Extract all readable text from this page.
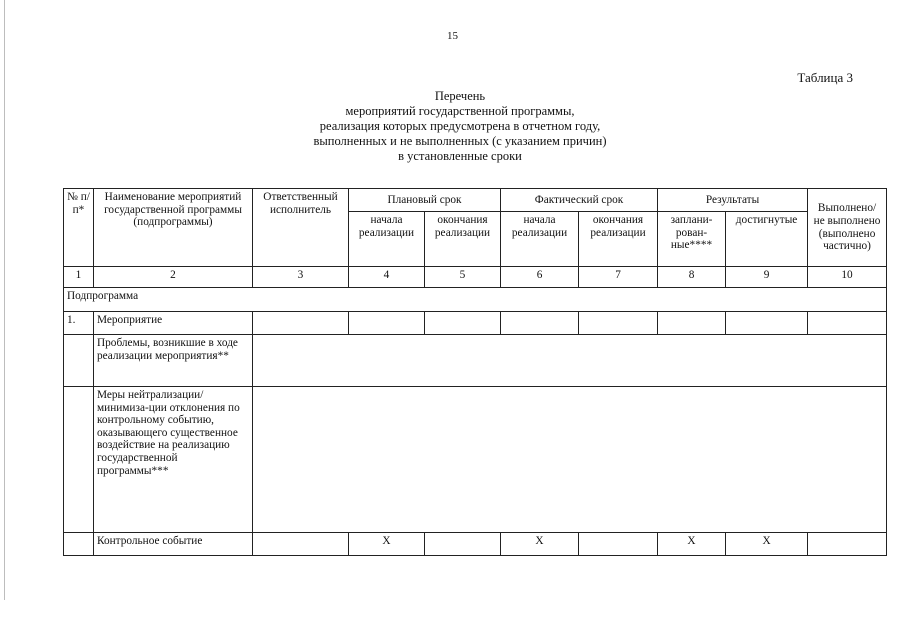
15
Таблица 3
Перечень
мероприятий государственной программы,
реализация которых предусмотрена в отчетном году,
выполненных и не выполненных (с указанием причин)
в установленные сроки
№ п/п*	Наименование мероприятий государственной программы (подпрограммы)	Ответственный исполнитель	Плановый срок		Фактический срок		Результаты		Выполнено/ не выполнено (выполнено частично)
			начала реализации	окончания реализации	начала реализации	окончания реализации	заплани-рован-ные****	достигнутые	
1	2	3	4	5	6	7	8	9	10
Подпрограмма									
1.	Мероприятие								
	Проблемы, возникшие в ходе реализации мероприятия**								
	Меры нейтрализации/минимиза-ции отклонения по контрольному событию, оказывающего существенное воздействие на реализацию государственной программы***								
	Контрольное событие		Х		Х		Х	Х	
